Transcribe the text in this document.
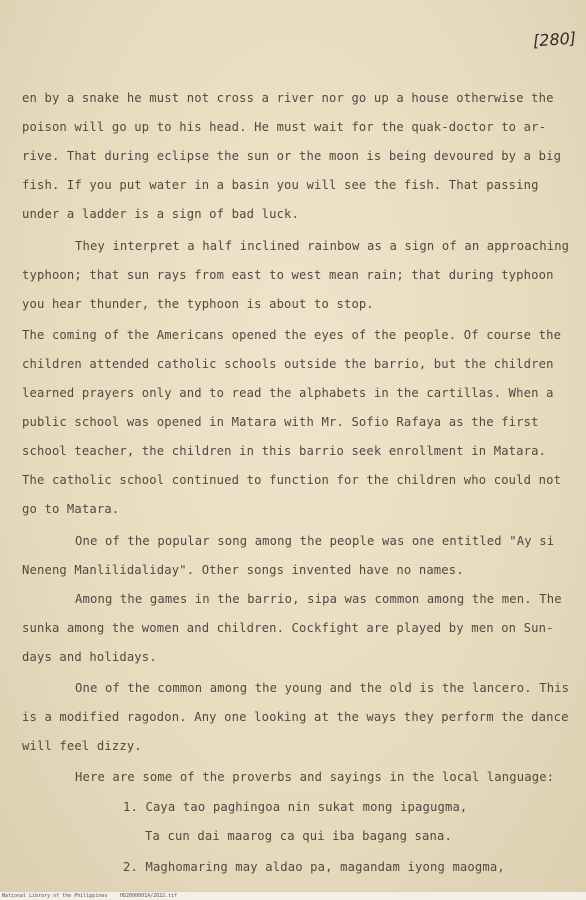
[280]
en by a snake he must not cross a river nor go up a house otherwise the
poison will go up to his head. He must wait for the quak-doctor to ar-
rive. That during eclipse the sun or the moon is being devoured by a big
fish. If you put water in a basin you will see the fish. That passing
under a ladder is a sign of bad luck.
They interpret a half inclined rainbow as a sign of an approaching
typhoon; that sun rays from east to west mean rain; that during typhoon
you hear thunder, the typhoon is about to stop.
The coming of the Americans opened the eyes of the people. Of course the
children attended catholic schools outside the barrio, but the children
learned prayers only and to read the alphabets in the cartillas. When a
public school was opened in Matara with Mr. Sofio Rafaya as the first
school teacher, the children in this barrio seek enrollment in Matara.
The catholic school continued to function for the children who could not
go to Matara.
One of the popular song among the people was one entitled "Ay si
Neneng Manlilidaliday". Other songs invented have no names.
Among the games in the barrio, sipa was common among the men. The
sunka among the women and children. Cockfight are played by men on Sun-
days and holidays.
One of the common among the young and the old is the lancero. This
is a modified ragodon. Any one looking at the ways they perform the dance
will feel dizzy.
Here are some of the proverbs and sayings in the local language:
1. Caya tao paghingoa nin sukat mong ipagugma,
Ta cun dai maarog ca qui iba bagang sana.
2. Maghomaring may aldao pa, magandam iyong maogma,
National Library of the Philippines	HD2000001A/2022.tif
